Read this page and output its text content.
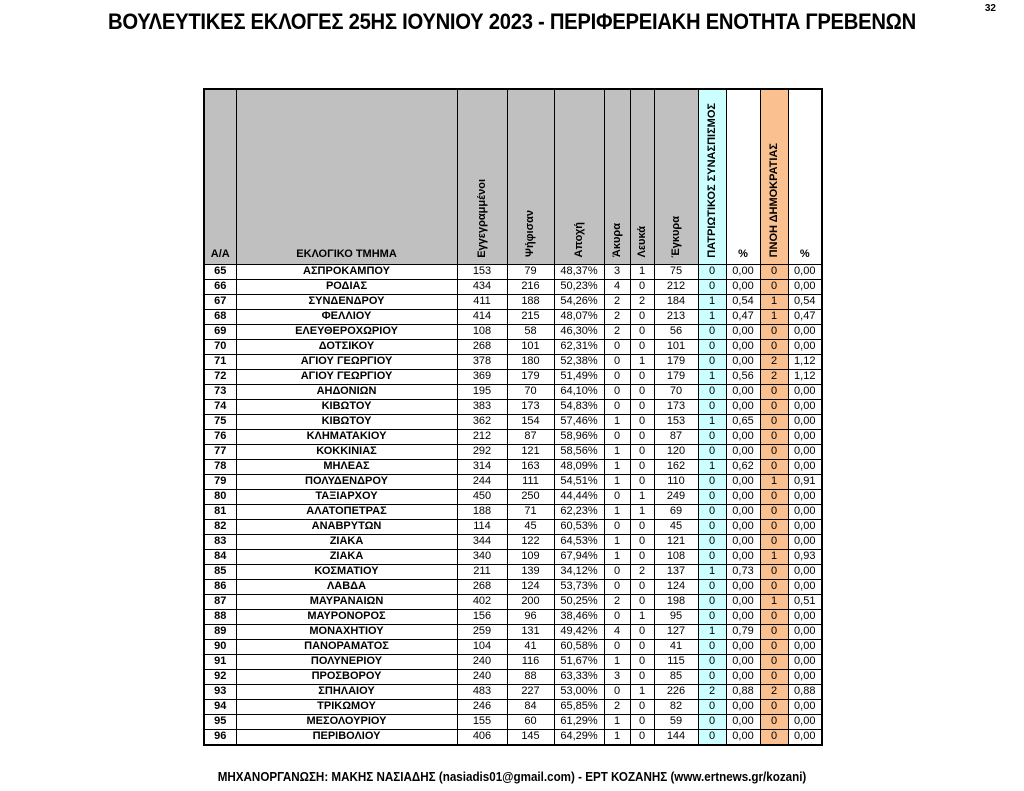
32
ΒΟΥΛΕΥΤΙΚΕΣ ΕΚΛΟΓΕΣ 25ΗΣ ΙΟΥΝΙΟΥ 2023 - ΠΕΡΙΦΕΡΕΙΑΚΗ ΕΝΟΤΗΤΑ ΓΡΕΒΕΝΩΝ
Α/Α	ΕΚΛΟΓΙΚΟ ΤΜΗΜΑ	Εγγεγραμμένοι	Ψήφισαν	Αποχή	Άκυρα	Λευκά	Έγκυρα	ΠΑΤΡΙΩΤΙΚΟΣ ΣΥΝΑΣΠΙΣΜΟΣ	%	ΠΝΟΗ ΔΗΜΟΚΡΑΤΙΑΣ	%
65	ΑΣΠΡΟΚΑΜΠΟΥ	153	79	48,37%	3	1	75	0	0,00	0	0,00
66	ΡΟΔΙΑΣ	434	216	50,23%	4	0	212	0	0,00	0	0,00
67	ΣΥΝΔΕΝΔΡΟΥ	411	188	54,26%	2	2	184	1	0,54	1	0,54
68	ΦΕΛΛΙΟΥ	414	215	48,07%	2	0	213	1	0,47	1	0,47
69	ΕΛΕΥΘΕΡΟΧΩΡΙΟΥ	108	58	46,30%	2	0	56	0	0,00	0	0,00
70	ΔΟΤΣΙΚΟΥ	268	101	62,31%	0	0	101	0	0,00	0	0,00
71	ΑΓΙΟΥ ΓΕΩΡΓΙΟΥ	378	180	52,38%	0	1	179	0	0,00	2	1,12
72	ΑΓΙΟΥ ΓΕΩΡΓΙΟΥ	369	179	51,49%	0	0	179	1	0,56	2	1,12
73	ΑΗΔΟΝΙΩΝ	195	70	64,10%	0	0	70	0	0,00	0	0,00
74	ΚΙΒΩΤΟΥ	383	173	54,83%	0	0	173	0	0,00	0	0,00
75	ΚΙΒΩΤΟΥ	362	154	57,46%	1	0	153	1	0,65	0	0,00
76	ΚΛΗΜΑΤΑΚΙΟΥ	212	87	58,96%	0	0	87	0	0,00	0	0,00
77	ΚΟΚΚΙΝΙΑΣ	292	121	58,56%	1	0	120	0	0,00	0	0,00
78	ΜΗΛΕΑΣ	314	163	48,09%	1	0	162	1	0,62	0	0,00
79	ΠΟΛΥΔΕΝΔΡΟΥ	244	111	54,51%	1	0	110	0	0,00	1	0,91
80	ΤΑΞΙΑΡΧΟΥ	450	250	44,44%	0	1	249	0	0,00	0	0,00
81	ΑΛΑΤΟΠΕΤΡΑΣ	188	71	62,23%	1	1	69	0	0,00	0	0,00
82	ΑΝΑΒΡΥΤΩΝ	114	45	60,53%	0	0	45	0	0,00	0	0,00
83	ΖΙΑΚΑ	344	122	64,53%	1	0	121	0	0,00	0	0,00
84	ΖΙΑΚΑ	340	109	67,94%	1	0	108	0	0,00	1	0,93
85	ΚΟΣΜΑΤΙΟΥ	211	139	34,12%	0	2	137	1	0,73	0	0,00
86	ΛΑΒΔΑ	268	124	53,73%	0	0	124	0	0,00	0	0,00
87	ΜΑΥΡΑΝΑΙΩΝ	402	200	50,25%	2	0	198	0	0,00	1	0,51
88	ΜΑΥΡΟΝΟΡΟΣ	156	96	38,46%	0	1	95	0	0,00	0	0,00
89	ΜΟΝΑΧΗΤΙΟΥ	259	131	49,42%	4	0	127	1	0,79	0	0,00
90	ΠΑΝΟΡΑΜΑΤΟΣ	104	41	60,58%	0	0	41	0	0,00	0	0,00
91	ΠΟΛΥΝΕΡΙΟΥ	240	116	51,67%	1	0	115	0	0,00	0	0,00
92	ΠΡΟΣΒΟΡΟΥ	240	88	63,33%	3	0	85	0	0,00	0	0,00
93	ΣΠΗΛΑΙΟΥ	483	227	53,00%	0	1	226	2	0,88	2	0,88
94	ΤΡΙΚΩΜΟΥ	246	84	65,85%	2	0	82	0	0,00	0	0,00
95	ΜΕΣΟΛΟΥΡΙΟΥ	155	60	61,29%	1	0	59	0	0,00	0	0,00
96	ΠΕΡΙΒΟΛΙΟΥ	406	145	64,29%	1	0	144	0	0,00	0	0,00
ΜΗΧΑΝΟΡΓΑΝΩΣΗ: ΜΑΚΗΣ ΝΑΣΙΑΔΗΣ (nasiadis01@gmail.com) - ΕΡΤ ΚΟΖΑΝΗΣ (www.ertnews.gr/kozani)
